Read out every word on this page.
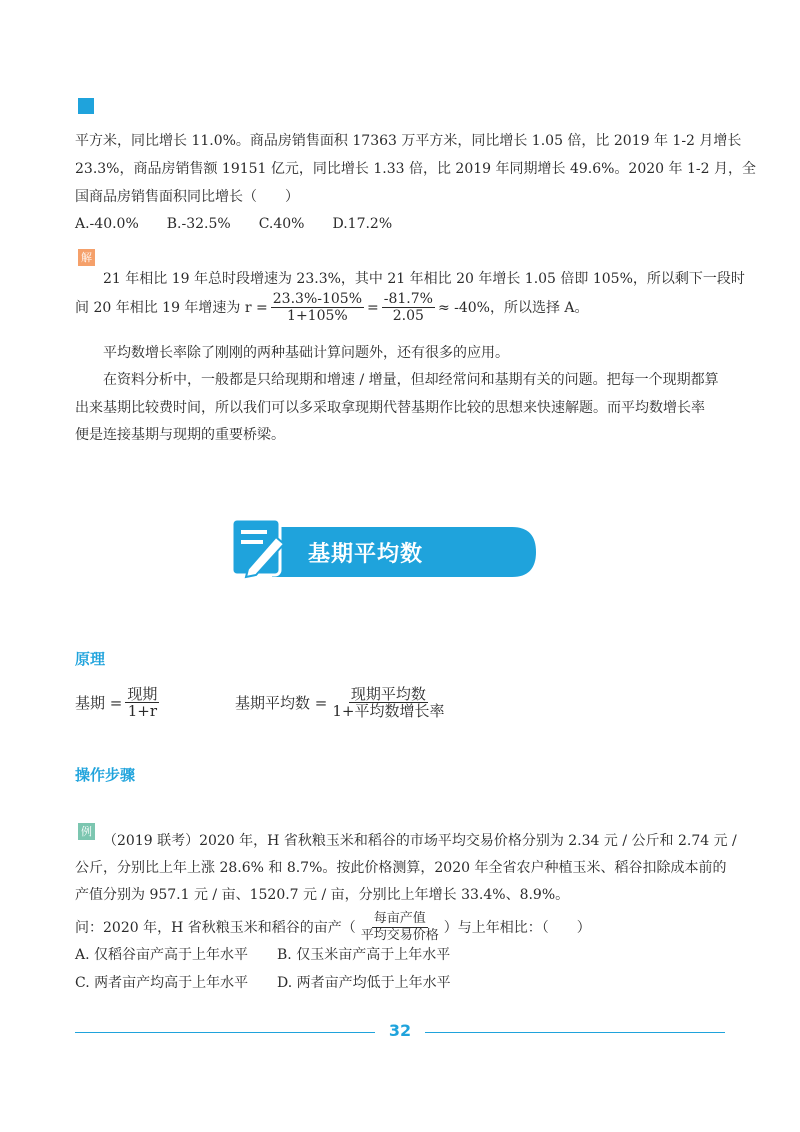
平方米，同比增长 11.0%。商品房销售面积 17363 万平方米，同比增长 1.05 倍，比 2019 年 1-2 月增长
23.3%，商品房销售额 19151 亿元，同比增长 1.33 倍，比 2019 年同期增长 49.6%。2020 年 1-2 月，全
国商品房销售面积同比增长（　　）
A.-40.0%　　B.-32.5%　　C.40%　　D.17.2%
解
21 年相比 19 年总时段增速为 23.3%，其中 21 年相比 20 年增长 1.05 倍即 105%，所以剩下一段时
间 20 年相比 19 年增速为 $r = \frac{23.3\%-105\%}{1+105\%} = \frac{-81.7\%}{2.05} \approx -40\%$，所以选择 A。
平均数增长率除了刚刚的两种基础计算问题外，还有很多的应用。
在资料分析中，一般都是只给现期和增速 / 增量，但却经常问和基期有关的问题。把每一个现期都算
出来基期比较费时间，所以我们可以多采取拿现期代替基期作比较的思想来快速解题。而平均数增长率
便是连接基期与现期的重要桥梁。
基期平均数
原理
基期 = $\frac{\text{现期}}{1+r}$	基期平均数 = $\frac{\text{现期平均数}}{\text{1+平均数增长率}}$
操作步骤
例
（2019 联考）2020 年，H 省秋粮玉米和稻谷的市场平均交易价格分别为 2.34 元 / 公斤和 2.74 元 /
公斤，分别比上年上涨 28.6% 和 8.7%。按此价格测算，2020 年全省农户种植玉米、稻谷扣除成本前的
产值分别为 957.1 元 / 亩、1520.7 元 / 亩，分别比上年增长 33.4%、8.9%。
问：2020 年，H 省秋粮玉米和稻谷的亩产（ $\frac{\text{每亩产值}}{\text{平均交易价格}}$ ）与上年相比：（　　）
A. 仅稻谷亩产高于上年水平 B. 仅玉米亩产高于上年水平
C. 两者亩产均高于上年水平 D. 两者亩产均低于上年水平
32
